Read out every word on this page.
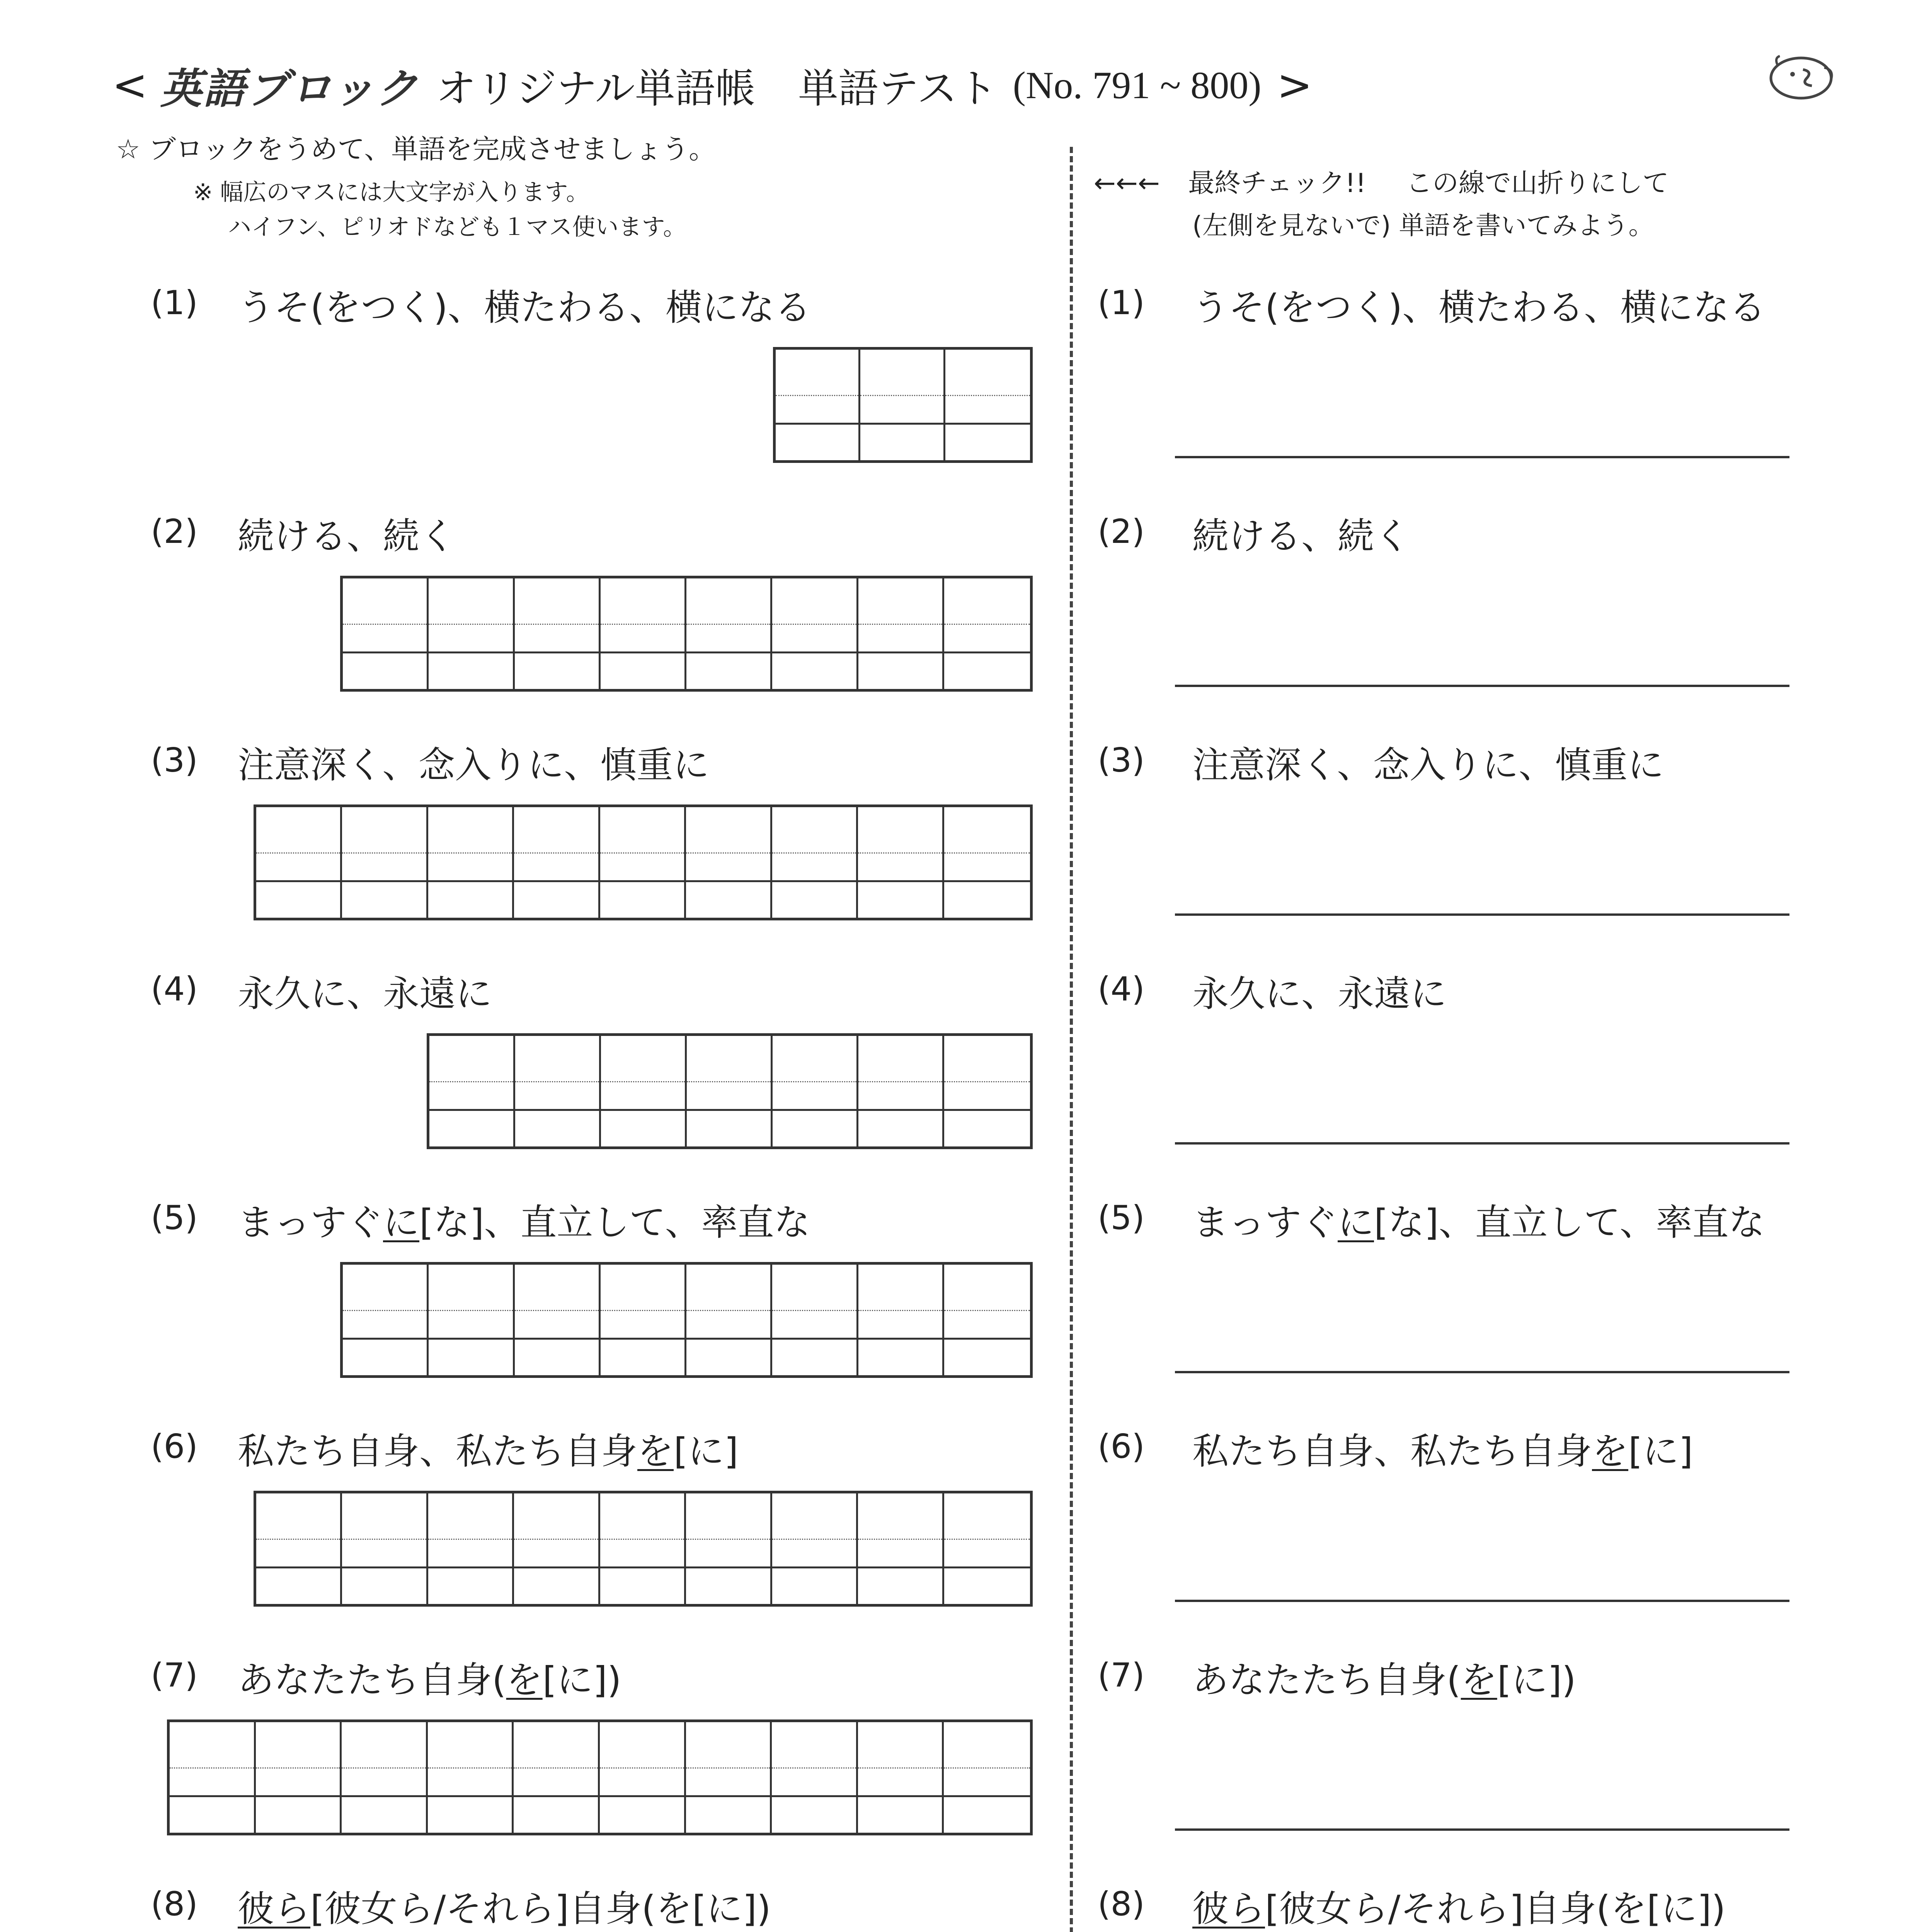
< 英語ブロック オリジナル単語帳 単語テスト (No. 791 ~ 800) >
☆ ブロックをうめて、単語を完成させましょう。
※ 幅広のマスには大文字が入ります。
ハイフン、ピリオドなども１マス使います。
←←← 最終チェック!! この線で山折りにして
(左側を見ないで) 単語を書いてみよう。
(1) うそ(をつく)、横たわる、横になる	(1) うそ(をつく)、横たわる、横になる
(2) 続ける、続く	(2) 続ける、続く
(3) 注意深く、念入りに、慎重に	(3) 注意深く、念入りに、慎重に
(4) 永久に、永遠に	(4) 永久に、永遠に
(5) まっすぐに[な]、直立して、率直な	(5) まっすぐに[な]、直立して、率直な
(6) 私たち自身、私たち自身を[に]	(6) 私たち自身、私たち自身を[に]
(7) あなたたち自身(を[に])	(7) あなたたち自身(を[に])
(8) 彼ら[彼女ら/それら]自身(を[に])	(8) 彼ら[彼女ら/それら]自身(を[に])
